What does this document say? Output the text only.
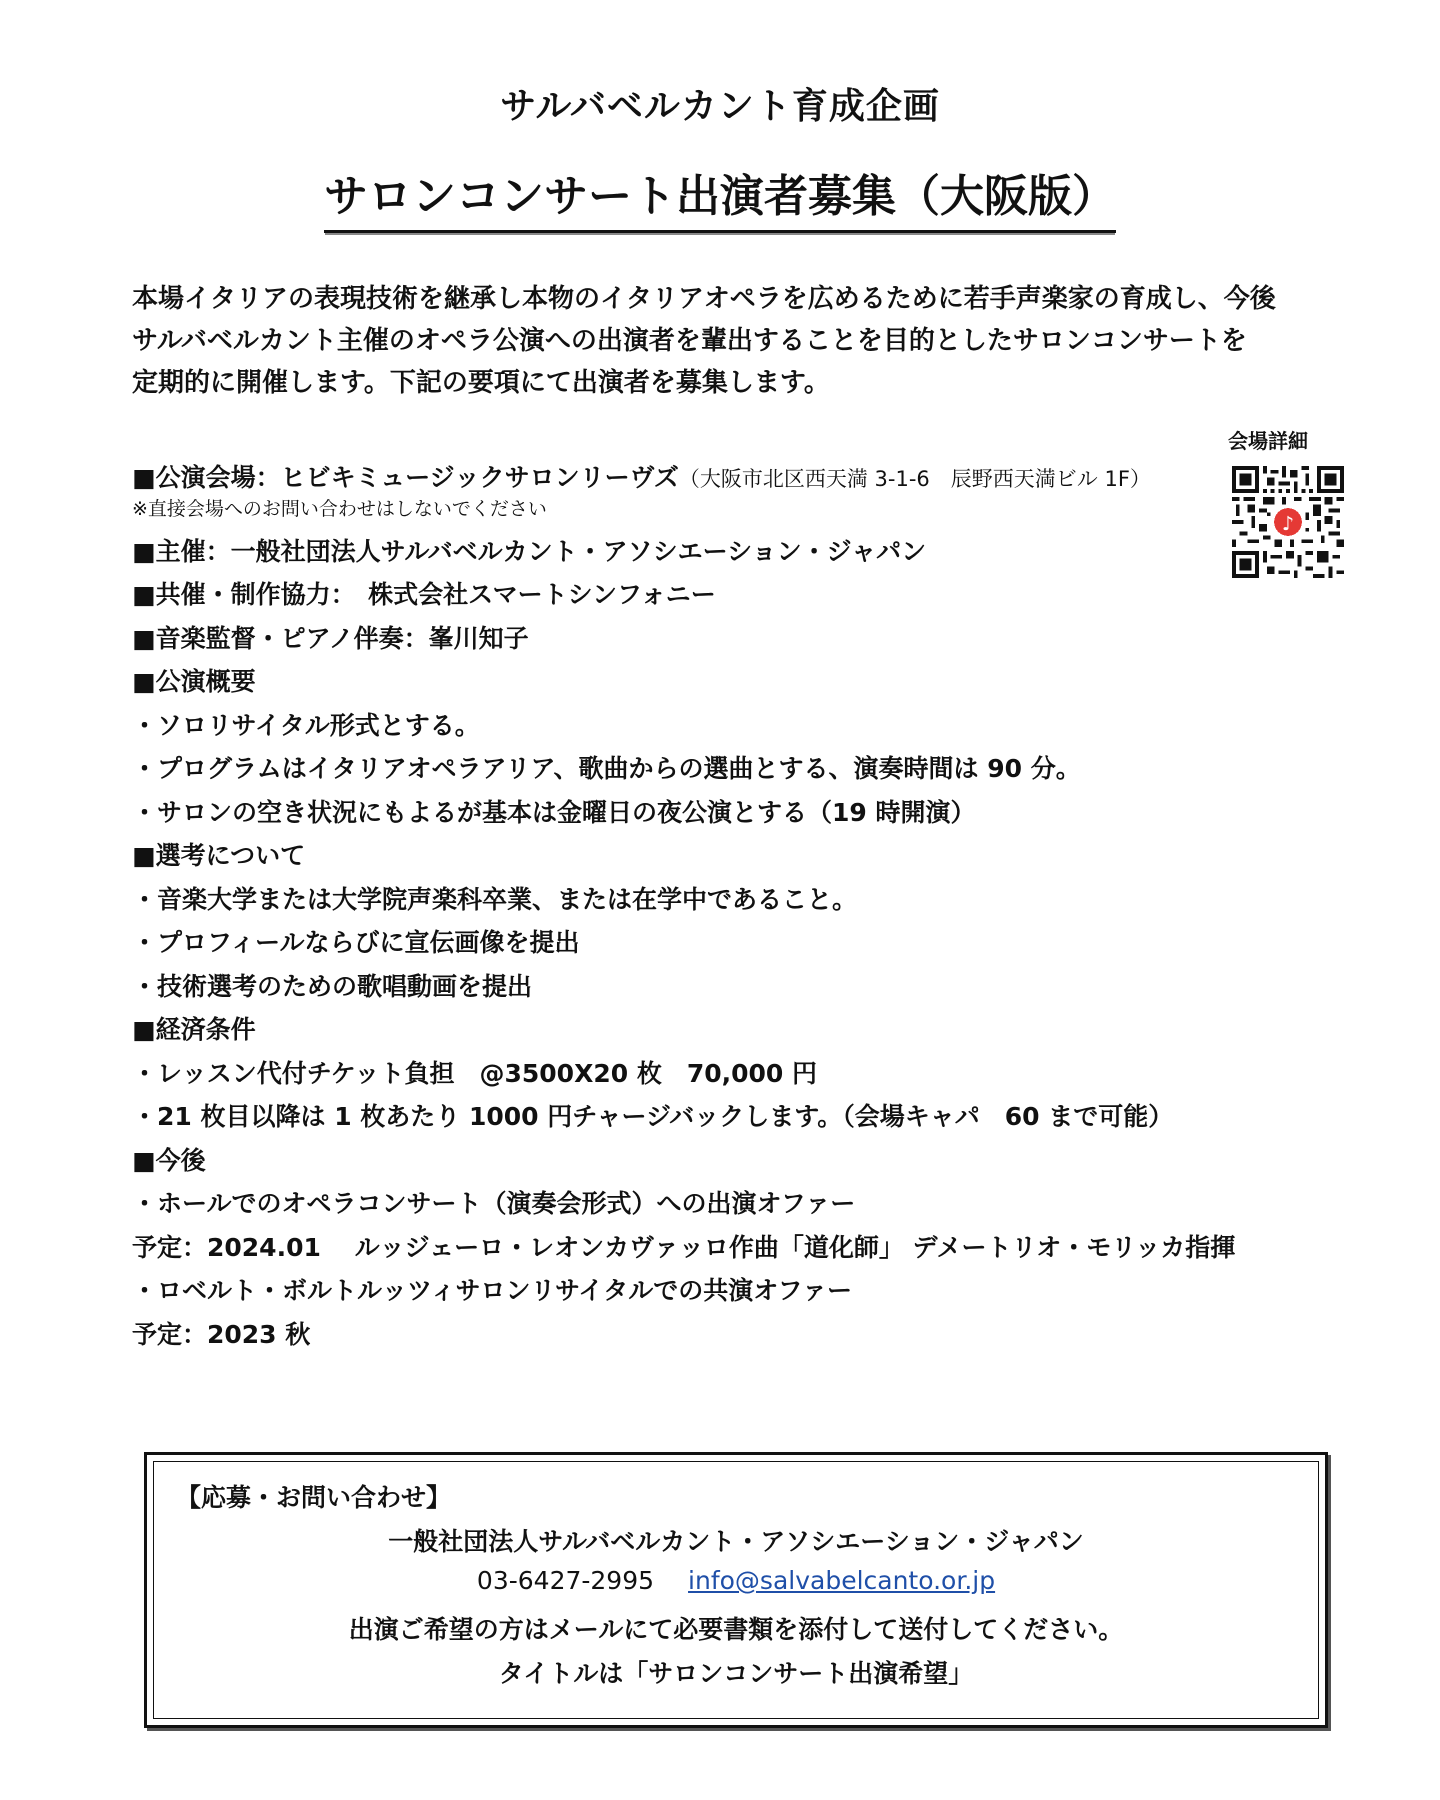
サルバベルカント育成企画
サロンコンサート出演者募集（大阪版）
本場イタリアの表現技術を継承し本物のイタリアオペラを広めるために若手声楽家の育成し、今後
サルバベルカント主催のオペラ公演への出演者を輩出することを目的としたサロンコンサートを
定期的に開催します。下記の要項にて出演者を募集します。
会場詳細
♪
■公演会場：ヒビキミュージックサロンリーヴズ（大阪市北区西天満 3-1-6　辰野西天満ビル 1F）
※直接会場へのお問い合わせはしないでください
■主催：一般社団法人サルバベルカント・アソシエーション・ジャパン
■共催・制作協力：　株式会社スマートシンフォニー
■音楽監督・ピアノ伴奏：峯川知子
■公演概要
・ソロリサイタル形式とする。
・プログラムはイタリアオペラアリア、歌曲からの選曲とする、演奏時間は 90 分。
・サロンの空き状況にもよるが基本は金曜日の夜公演とする（19 時開演）
■選考について
・音楽大学または大学院声楽科卒業、または在学中であること。
・プロフィールならびに宣伝画像を提出
・技術選考のための歌唱動画を提出
■経済条件
・レッスン代付チケット負担　@3500X20 枚　70,000 円
・21 枚目以降は 1 枚あたり 1000 円チャージバックします。（会場キャパ　60 まで可能）
■今後
・ホールでのオペラコンサート（演奏会形式）への出演オファー
予定：2024.01　 ルッジェーロ・レオンカヴァッロ作曲「道化師」 デメートリオ・モリッカ指揮
・ロベルト・ボルトルッツィサロンリサイタルでの共演オファー
予定：2023 秋
【応募・お問い合わせ】
一般社団法人サルバベルカント・アソシエーション・ジャパン
03-6427-2995 info@salvabelcanto.or.jp
出演ご希望の方はメールにて必要書類を添付して送付してください。
タイトルは「サロンコンサート出演希望」
